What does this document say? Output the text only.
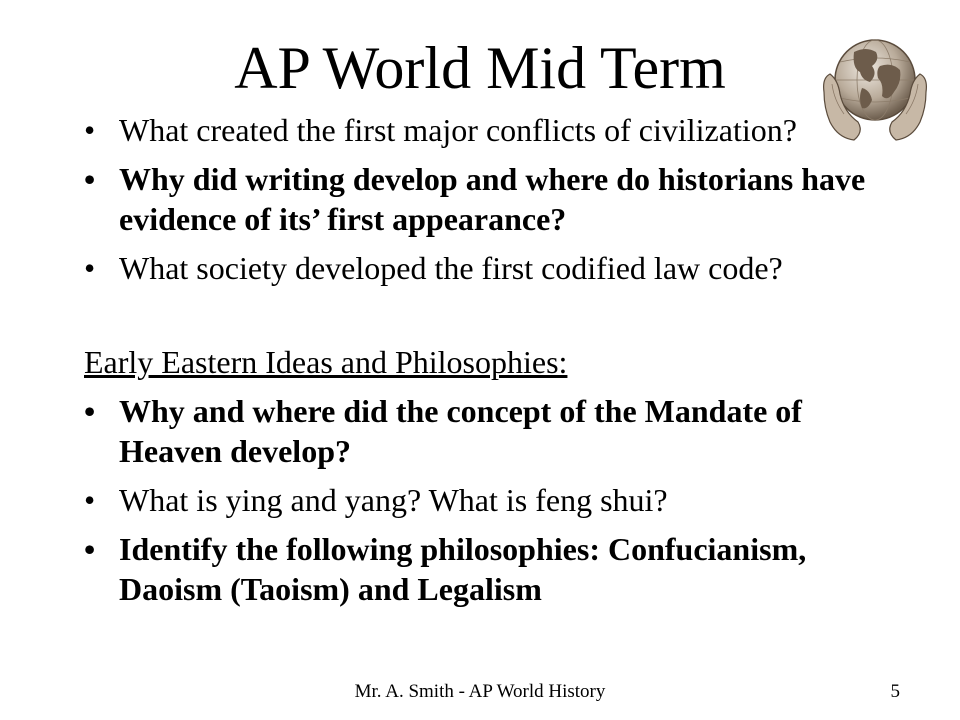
AP World Mid Term
• What created the first major conflicts of civilization?
• Why did writing develop and where do historians have evidence of its’ first appearance?
• What society developed the first codified law code?
Early Eastern Ideas and Philosophies:
• Why and where did the concept of the Mandate of Heaven develop?
• What is ying and yang? What is feng shui?
• Identify the following philosophies: Confucianism, Daoism (Taoism) and Legalism
Mr. A. Smith - AP World History	5
